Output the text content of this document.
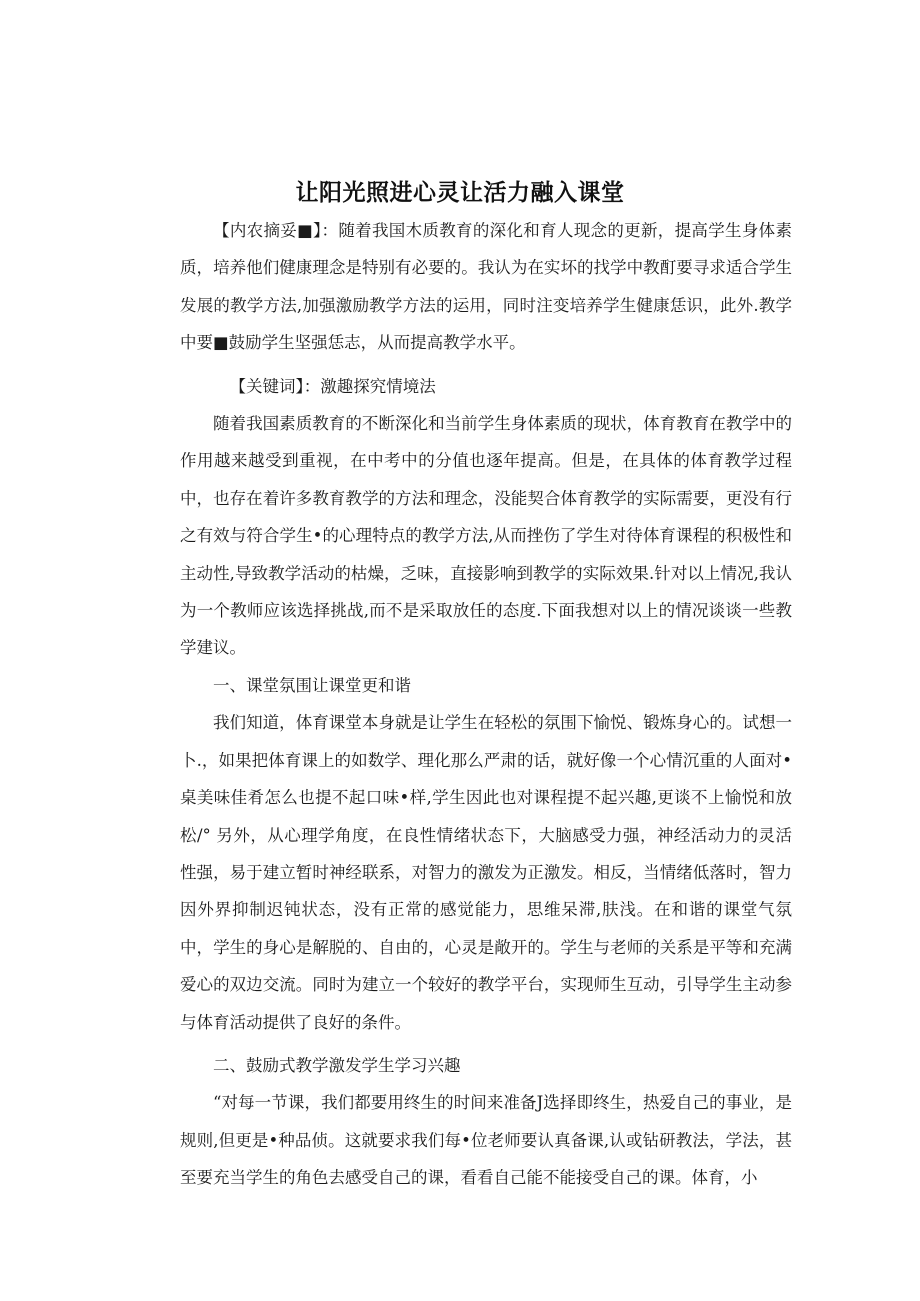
让阳光照进心灵让活力融入课堂

【内农摘妥■】：随着我国木质教育的深化和育人现念的更新，提高学生身体素质，培养他们健康理念是特别有必要的。我认为在实坏的找学中教酊要寻求适合学生发展的教学方法,加强激励教学方法的运用，同时注变培养学生健康恁识，此外.教学中要■鼓励学生坚强恁志，从而提高教学水平。

【关键词】：激趣探究情境法

随着我国素质教育的不断深化和当前学生身体素质的现状，体育教育在教学中的作用越来越受到重视，在中考中的分值也逐年提高。但是，在具体的体育教学过程中，也存在着许多教育教学的方法和理念，没能契合体育教学的实际需要，更没有行之有效与符合学生•的心理特点的教学方法,从而挫伤了学生对待体育课程的积极性和主动性,导致教学活动的枯燥，乏味，直接影响到教学的实际效果.针对以上情况,我认为一个教师应该选择挑战,而不是采取放任的态度.下面我想对以上的情况谈谈一些教学建议。

一、课堂氛围让课堂更和谐

我们知道，体育课堂本身就是让学生在轻松的氛围下愉悦、锻炼身心的。试想一卜.，如果把体育课上的如数学、理化那么严肃的话，就好像一个心情沉重的人面对•桌美味佳肴怎么也提不起口味•样,学生因此也对课程提不起兴趣,更谈不上愉悦和放松/° 另外，从心理学角度，在良性情绪状态下，大脑感受力强，神经活动力的灵活性强，易于建立暂时神经联系，对智力的激发为正激发。相反，当情绪低落时，智力因外界抑制迟钝状态，没有正常的感觉能力，思维呆滞,肤浅。在和谐的课堂气氛中，学生的身心是解脱的、自由的，心灵是敞开的。学生与老师的关系是平等和充满爱心的双边交流。同时为建立一个较好的教学平台，实现师生互动，引导学生主动参与体育活动提供了良好的条件。

二、鼓励式教学激发学生学习兴趣

“对每一节课，我们都要用终生的时间来准备J选择即终生，热爱自己的事业，是规则,但更是•种品侦。这就要求我们每•位老师要认真备课,认或钻研教法，学法，甚至要充当学生的角色去感受自己的课，看看自己能不能接受自己的课。体育，小
